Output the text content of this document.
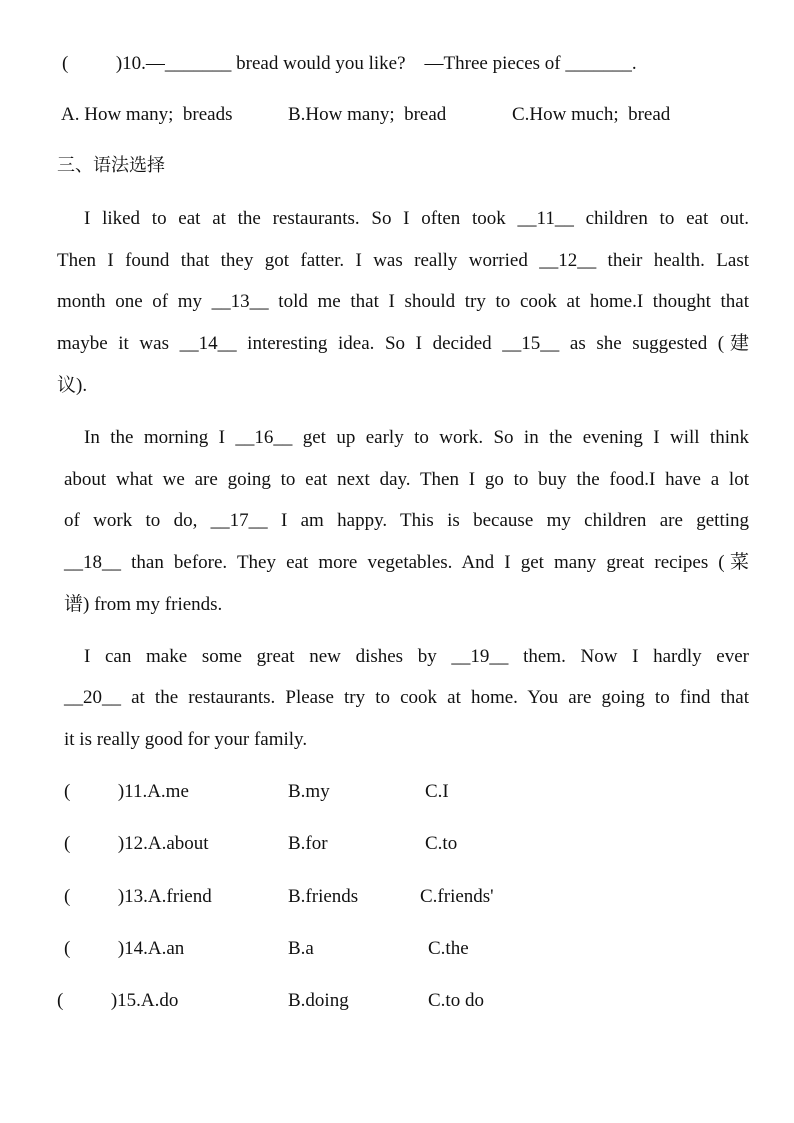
(          )10.—_______ bread would you like?    —Three pieces of _______.
A. How many;  breads	B.How many;  bread	C.How much;  bread
三、语法选择
I liked to eat at the restaurants. So I often took __11__ children to eat out.
Then I found that they got fatter. I was really worried __12__ their health. Last
month one of my __13__ told me that I should try to cook at home.I thought that
maybe it was __14__ interesting idea. So I decided __15__ as she suggested (建
议).
In the morning I __16__ get up early to work. So in the evening I will think
about what we are going to eat next day. Then I go to buy the food.I have a lot
of work to do, __17__ I am happy. This is because my children are getting
__18__ than before. They eat more vegetables. And I get many great recipes (菜
谱) from my friends.
I can make some great new dishes by __19__ them. Now I hardly ever
__20__ at the restaurants. Please try to cook at home. You are going to find that
it is really good for your family.
(          )11.A.me	B.my	C.I
(          )12.A.about	B.for	C.to
(          )13.A.friend	B.friends	C.friends'
(          )14.A.an	B.a	C.the
(          )15.A.do	B.doing	C.to do
